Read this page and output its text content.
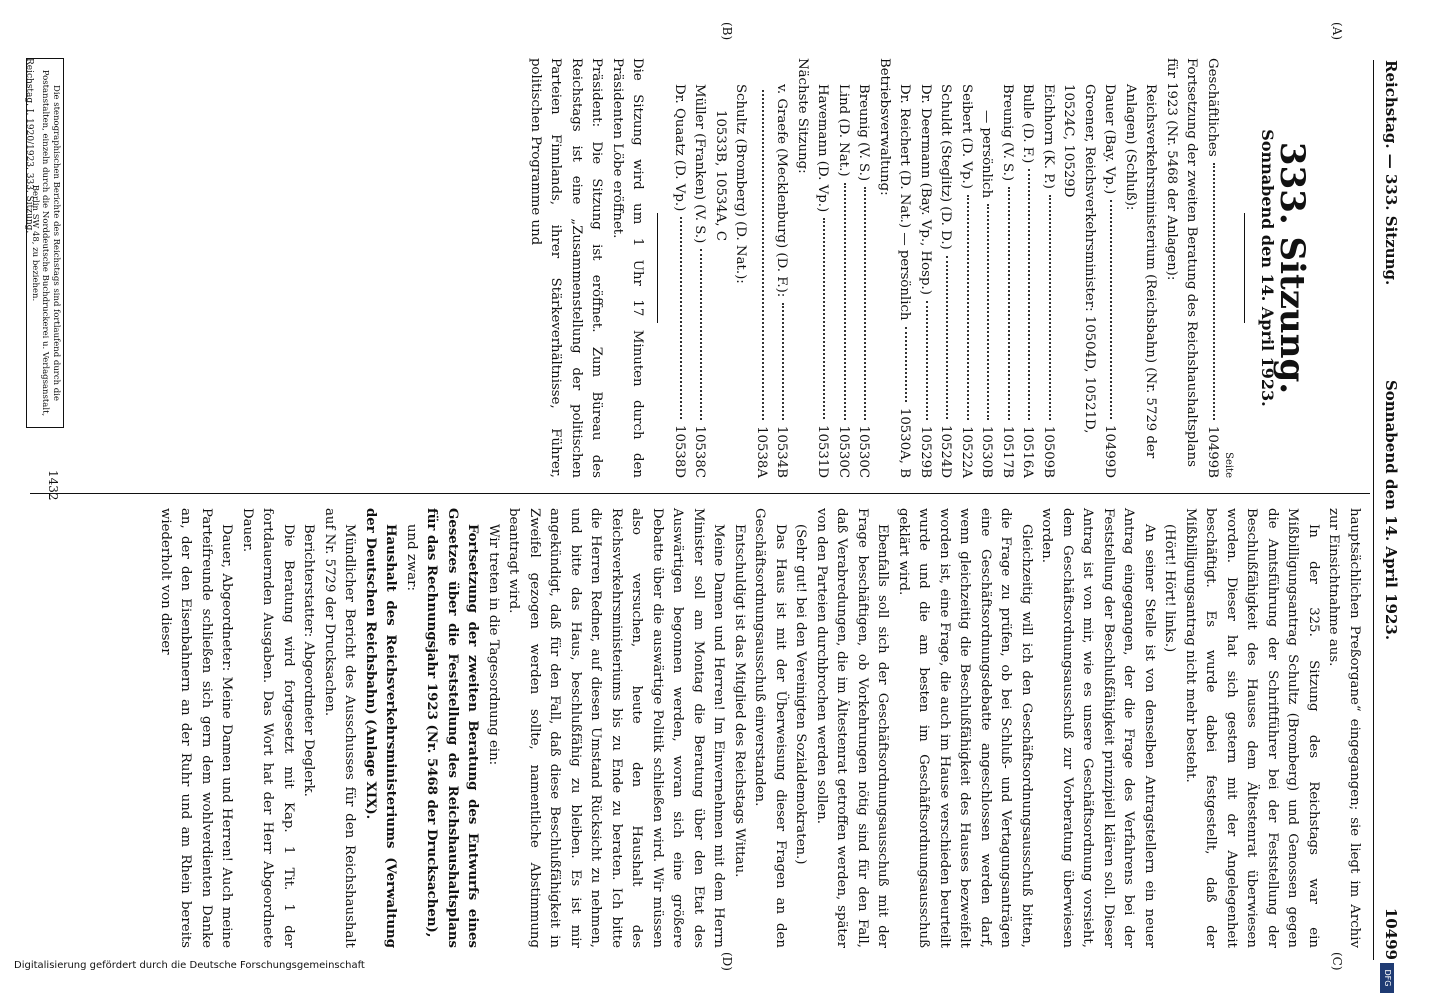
Reichstag. — 333. Sitzung.
Sonnabend den 14. April 1923.
10499
(A)
(B)
(C)
(D)
333. Sitzung.
Sonnabend den 14. April 1923.
Seite
Geschäftliches
10499B
Fortsetzung der zweiten Beratung des Reichshaushaltsplans für 1923 (Nr. 5468 der Anlagen):
Reichsverkehrsministerium (Reichsbahn) (Nr. 5729 der Anlagen) (Schluß):
Dauer (Bay. Vp.)
10499D
Groener, Reichsverkehrsminister: 10504D, 10521D, 10524C, 10529D
Eichhorn (K. P.)
10509B
Bulle (D. F.)
10516A
Breunig (V. S.)
10517B
— persönlich
10530B
Seibert (D. Vp.)
10522A
Schuldt (Steglitz) (D. D.)
10524D
Dr. Deermann (Bay. Vp., Hosp.)
10529B
Dr. Reichert (D. Nat.) — persönlich
10530A, B
Betriebsverwaltung:
Breunig (V. S.)
10530C
Lind (D. Nat.)
10530C
Havemann (D. Vp.)
10531D
Nächste Sitzung:
v. Graefe (Mecklenburg) (D. F.):
10534B
10538A
Schultz (Bromberg) (D. Nat.):
10533B, 10534A, C
Müller (Franken) (V. S.)
10538C
Dr. Quaatz (D. Vp.)
10538D

Die Sitzung wird um 1 Uhr 17 Minuten durch den Präsidenten Löbe eröffnet.

Präsident: Die Sitzung ist eröffnet. Zum Büreau des Reichstags ist eine „Zusammenstellung der politischen Parteien Finnlands, ihrer Stärkeverhältnisse, Führer, politischen Programme und

hauptsächlichen Preßorgane“ eingegangen; sie liegt im Archiv zur Einsichtnahme aus.

In der 325. Sitzung des Reichstags war ein Mißbilligungsantrag Schultz (Bromberg) und Genossen gegen die Amtsführung der Schriftführer bei der Feststellung der Beschlußfähigkeit des Hauses dem Ältestenrat überwiesen worden. Dieser hat sich gestern mit der Angelegenheit beschäftigt. Es wurde dabei festgestellt, daß der Mißbilligungsantrag nicht mehr besteht.

(Hört! Hört! links.)

An seiner Stelle ist von denselben Antragstellern ein neuer Antrag eingegangen, der die Frage des Verfahrens bei der Feststellung der Beschlußfähigkeit prinzipiell klären soll. Dieser Antrag ist von mir, wie es unsere Geschäftsordnung vorsieht, dem Geschäftsordnungsausschuß zur Vorberatung überwiesen worden.

Gleichzeitig will ich den Geschäftsordnungsausschuß bitten, die Frage zu prüfen, ob bei Schluß- und Vertagungsanträgen eine Geschäftsordnungsdebatte angeschlossen werden darf, wenn gleichzeitig die Beschlußfähigkeit des Hauses bezweifelt worden ist, eine Frage, die auch im Hause verschieden beurteilt wurde und die am besten im Geschäftsordnungsausschuß geklärt wird.

Ebenfalls soll sich der Geschäftsordnungsausschuß mit der Frage beschäftigen, ob Vorkehrungen nötig sind für den Fall, daß Verabredungen, die im Ältestenrat getroffen werden, später von den Parteien durchbrochen werden sollen.

(Sehr gut! bei den Vereinigten Sozialdemokraten.)

Das Haus ist mit der Überweisung dieser Fragen an den Geschäftsordnungsausschuß einverstanden.

Entschuldigt ist das Mitglied des Reichstags Wittau.

Meine Damen und Herren! Im Einvernehmen mit dem Herrn Minister soll am Montag die Beratung über den Etat des Auswärtigen begonnen werden, woran sich eine größere Debatte über die auswärtige Politik schließen wird. Wir müssen also versuchen, heute den Haushalt des Reichsverkehrsministeriums bis zu Ende zu beraten. Ich bitte die Herren Redner, auf diesen Umstand Rücksicht zu nehmen, und bitte das Haus, beschlußfähig zu bleiben. Es ist mir angekündigt, daß für den Fall, daß diese Beschlußfähigkeit in Zweifel gezogen werden sollte, namentliche Abstimmung beantragt wird.

Wir treten in die Tagesordnung ein:

Fortsetzung der zweiten Beratung des Entwurfs eines Gesetzes über die Feststellung des Reichshaushaltsplans für das Rechnungsjahr 1923 (Nr. 5468 der Drucksachen),

und zwar:

Haushalt des Reichsverkehrsministeriums (Verwaltung der Deutschen Reichsbahn) (Anlage XIX).

Mündlicher Bericht des Ausschusses für den Reichshaushalt auf Nr. 5729 der Drucksachen.

Berichterstatter: Abgeordneter Deglerk.

Die Beratung wird fortgesetzt mit Kap. 1 Tit. 1 der fortdauernden Ausgaben. Das Wort hat der Herr Abgeordnete Dauer.

Dauer, Abgeordneter: Meine Damen und Herren! Auch meine Parteifreunde schließen sich gern dem wohlverdienten Danke an, der den Eisenbahnern an der Ruhr und am Rhein bereits wiederholt von dieser

Die stenographischen Berichte des Reichstags sind fortlaufend durch die Postanstalten, einzeln durch die Norddeutsche Buchdruckerei u. Verlagsanstalt, Berlin SW 48, zu beziehen.
Reichstag. I. 1920/1923. 333. Sitzung.
1432
DFG
Digitalisierung gefördert durch die Deutsche Forschungsgemeinschaft
